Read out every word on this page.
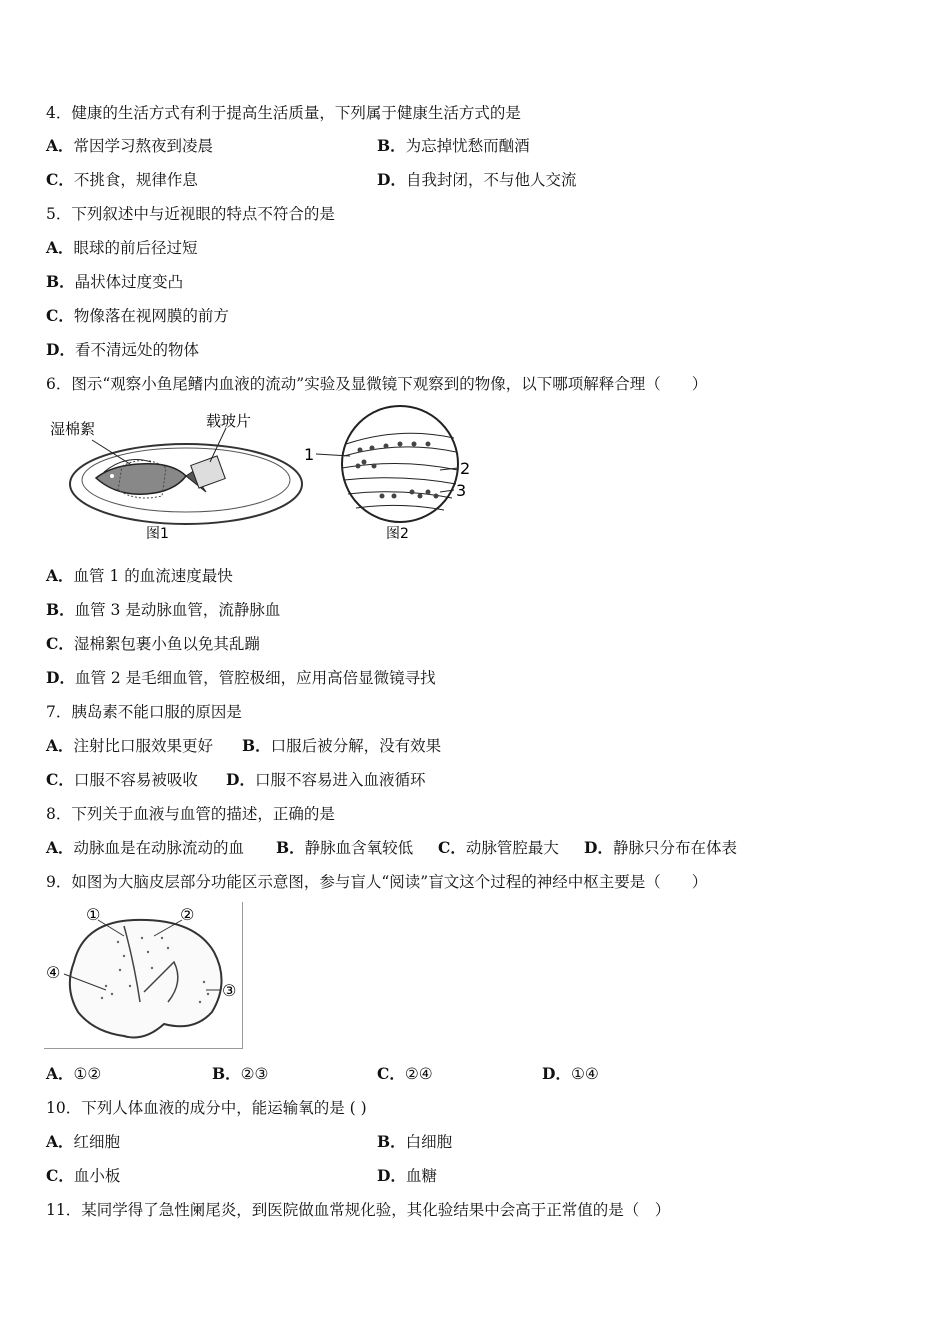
4．健康的生活方式有利于提高生活质量，下列属于健康生活方式的是
A．常因学习熬夜到凌晨	B．为忘掉忧愁而酗酒
C．不挑食，规律作息	D．自我封闭，不与他人交流
5．下列叙述中与近视眼的特点不符合的是
A．眼球的前后径过短
B．晶状体过度变凸
C．物像落在视网膜的前方
D．看不清远处的物体
6．图示“观察小鱼尾鳍内血液的流动”实验及显微镜下观察到的物像，以下哪项解释合理（　　）
湿棉絮	载玻片
图1
1
2
3
图2
A．血管 1 的血流速度最快
B．血管 3 是动脉血管，流静脉血
C．湿棉絮包裹小鱼以免其乱蹦
D．血管 2 是毛细血管，管腔极细，应用高倍显微镜寻找
7．胰岛素不能口服的原因是
A．注射比口服效果更好 B．口服后被分解，没有效果
C．口服不容易被吸收 D．口服不容易进入血液循环
8．下列关于血液与血管的描述，正确的是
A．动脉血是在动脉流动的血 B．静脉血含氧较低 C．动脉管腔最大 D．静脉只分布在体表
9．如图为大脑皮层部分功能区示意图，参与盲人“阅读”盲文这个过程的神经中枢主要是（　　）
①	②
③
④
A．①②	B．②③	C．②④	D．①④
10．下列人体血液的成分中，能运输氧的是 ( )
A．红细胞	B．白细胞
C．血小板	D．血糖
11．某同学得了急性阑尾炎，到医院做血常规化验，其化验结果中会高于正常值的是（　）
